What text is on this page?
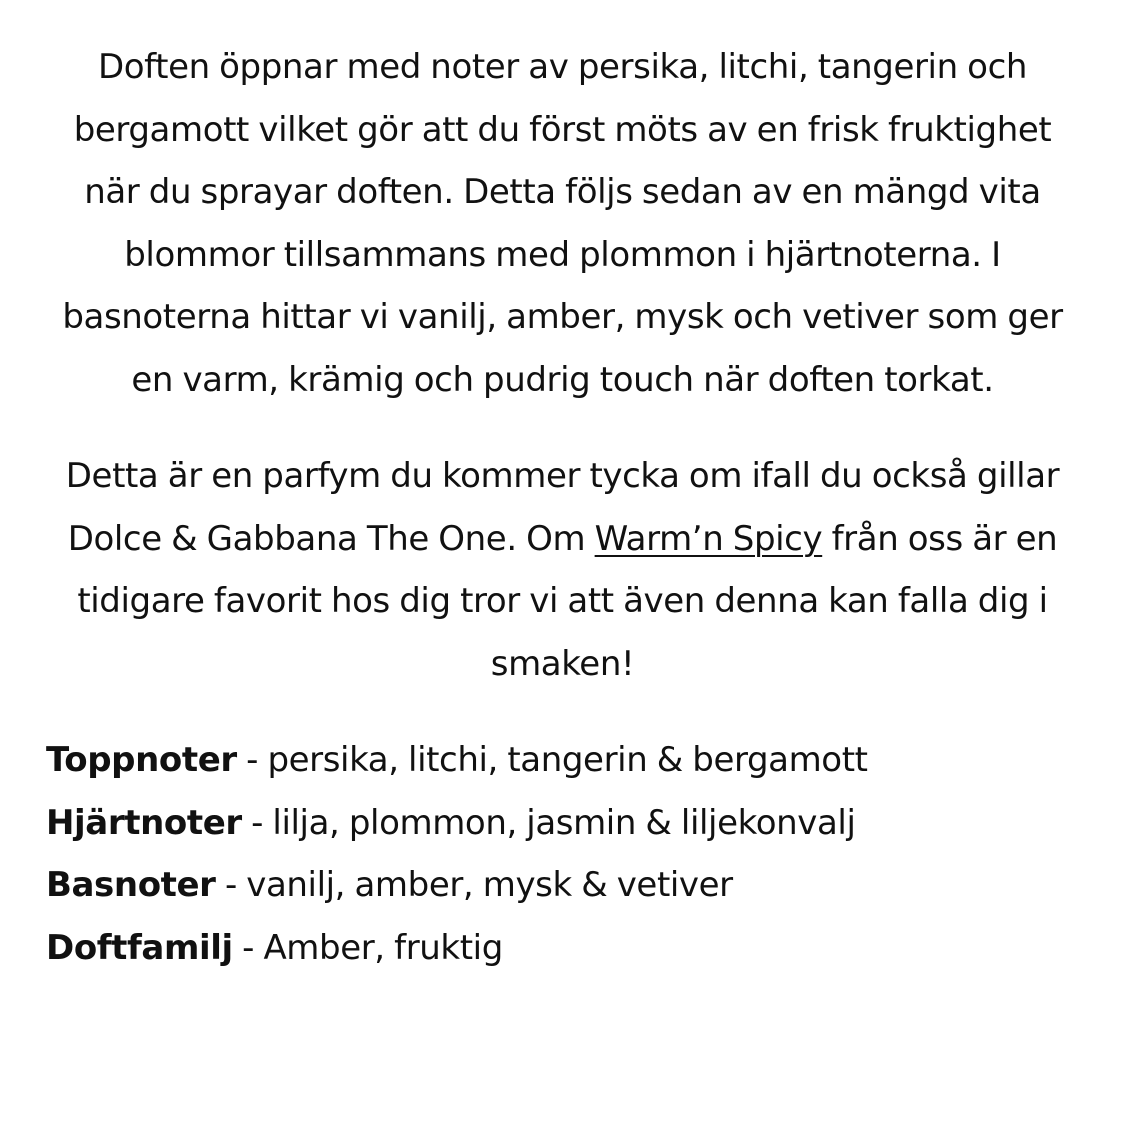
Doften öppnar med noter av persika, litchi, tangerin och bergamott vilket gör att du först möts av en frisk fruktighet när du sprayar doften. Detta följs sedan av en mängd vita blommor tillsammans med plommon i hjärtnoterna. I basnoterna hittar vi vanilj, amber, mysk och vetiver som ger en varm, krämig och pudrig touch när doften torkat.

Detta är en parfym du kommer tycka om ifall du också gillar Dolce & Gabbana The One. Om Warm’n Spicy från oss är en tidigare favorit hos dig tror vi att även denna kan falla dig i smaken!

Toppnoter - persika, litchi, tangerin & bergamott
Hjärtnoter - lilja, plommon, jasmin & liljekonvalj
Basnoter - vanilj, amber, mysk & vetiver
Doftfamilj - Amber, fruktig
